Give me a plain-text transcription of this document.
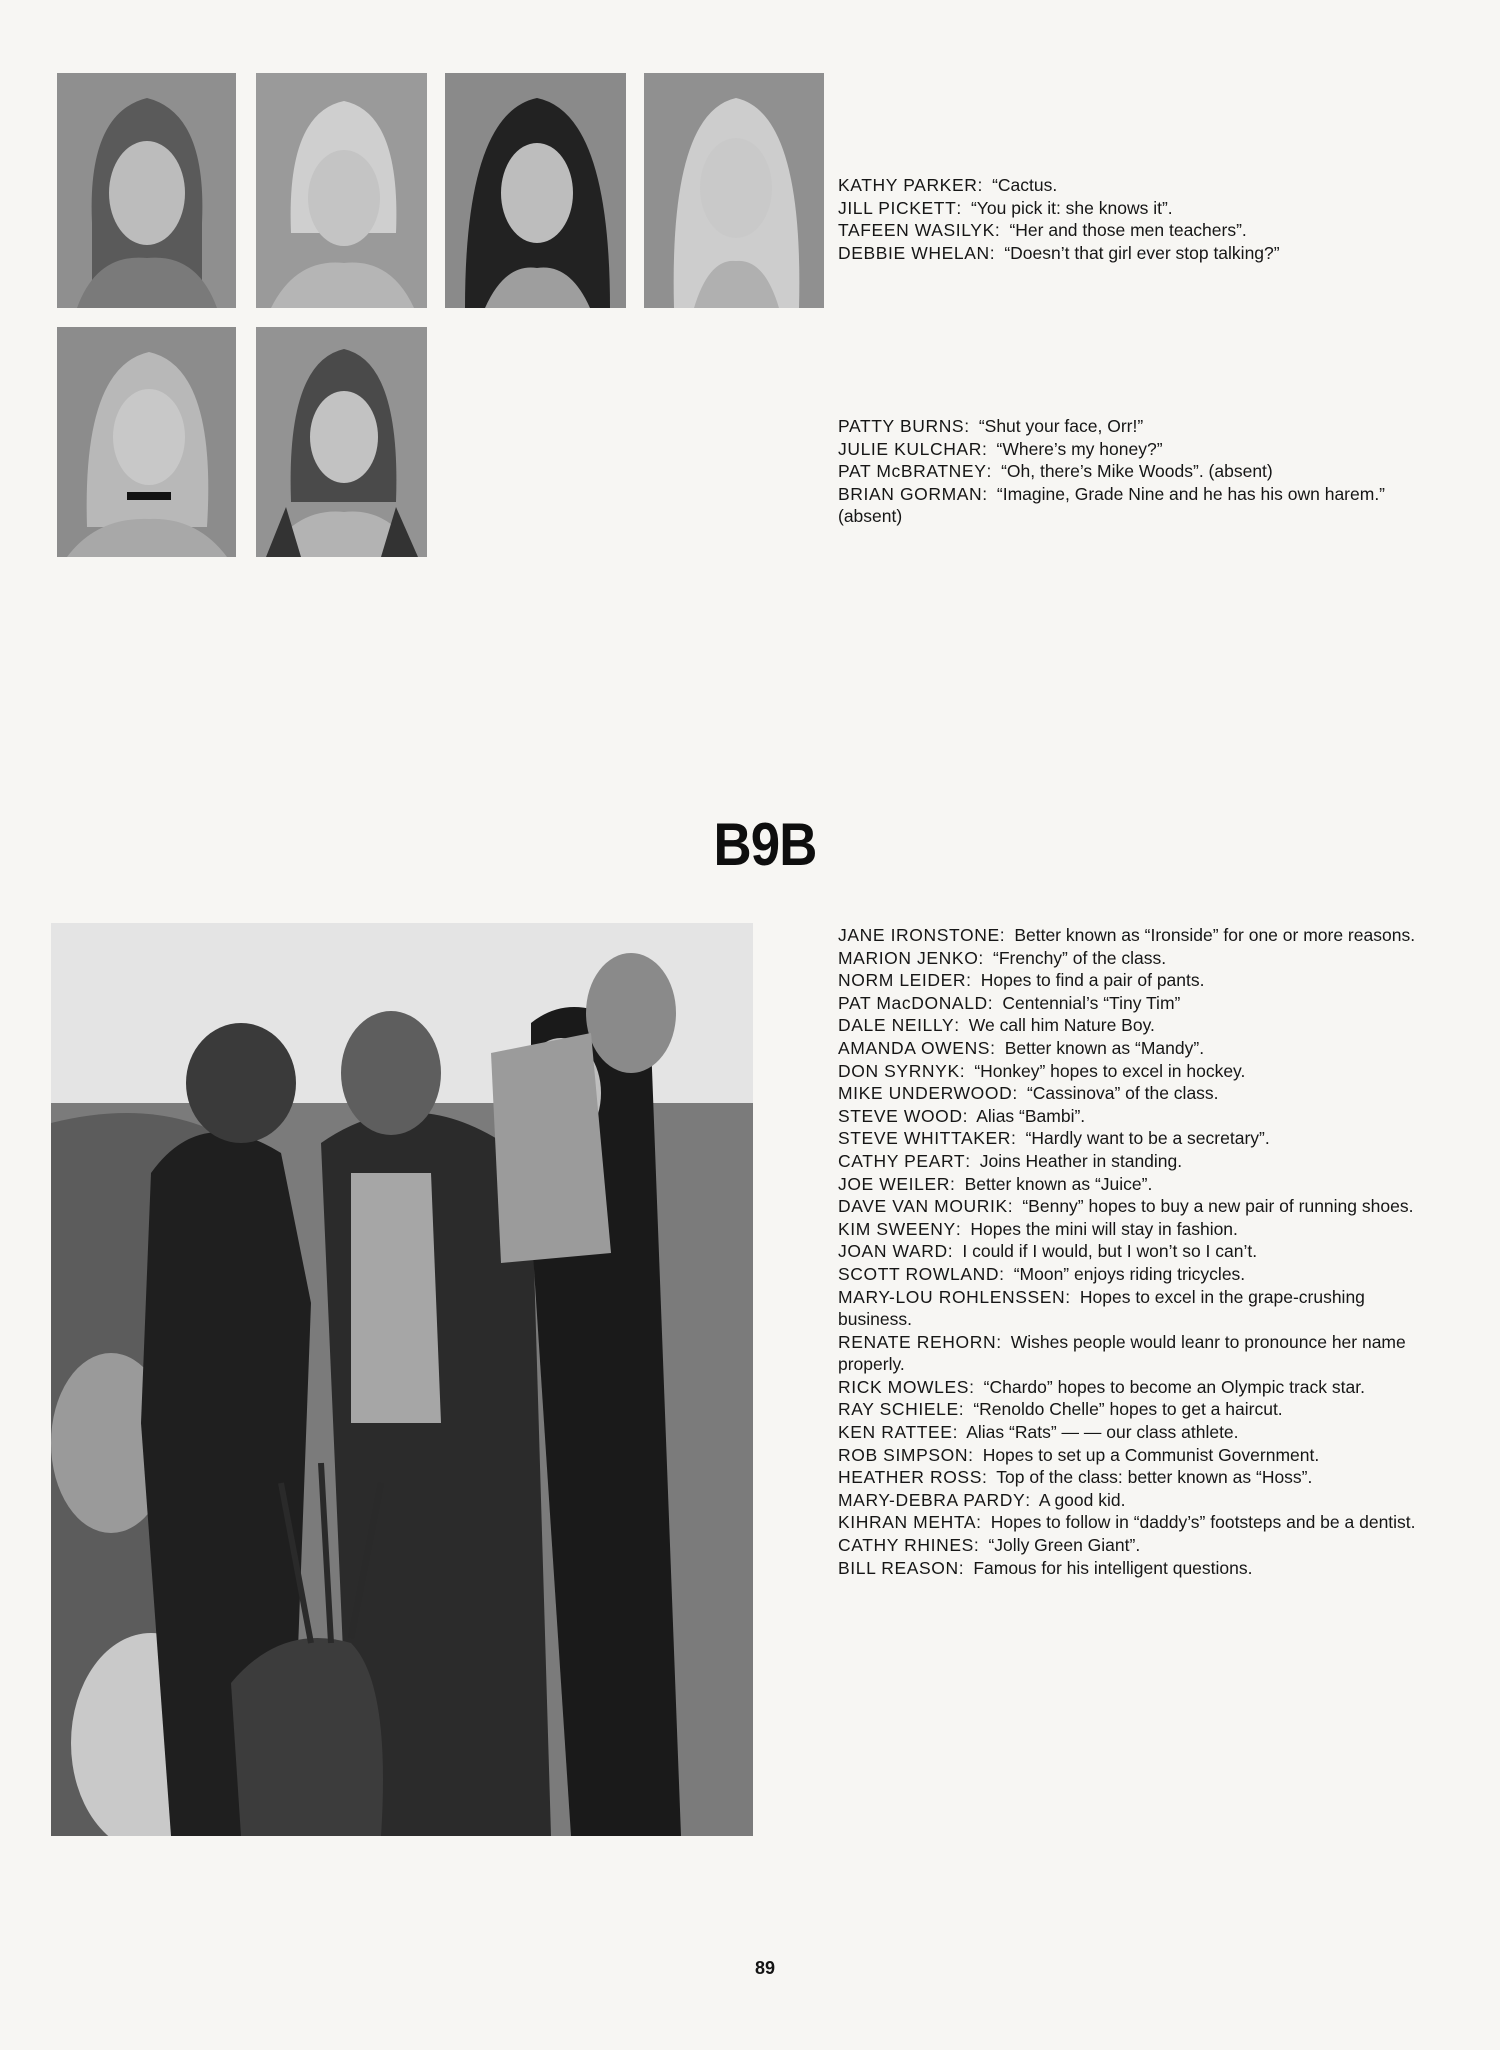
KATHY PARKER:  “Cactus.
JILL PICKETT:  “You pick it: she knows it”.
TAFEEN WASILYK:  “Her and those men teachers”.
DEBBIE WHELAN:  “Doesn’t that girl ever stop talking?”
PATTY BURNS:  “Shut your face, Orr!”
JULIE KULCHAR:  “Where’s my honey?”
PAT McBRATNEY:  “Oh, there’s Mike Woods”. (absent)
BRIAN GORMAN:  “Imagine, Grade Nine and he has his own harem.” (absent)
B9B
JANE IRONSTONE:  Better known as “Ironside” for one or more reasons.
MARION JENKO:  “Frenchy” of the class.
NORM LEIDER:  Hopes to find a pair of pants.
PAT MacDONALD:  Centennial’s “Tiny Tim”
DALE NEILLY:  We call him Nature Boy.
AMANDA OWENS:  Better known as “Mandy”.
DON SYRNYK:  “Honkey” hopes to excel in hockey.
MIKE UNDERWOOD:  “Cassinova” of the class.
STEVE WOOD:  Alias “Bambi”.
STEVE WHITTAKER:  “Hardly want to be a secretary”.
CATHY PEART:  Joins Heather in standing.
JOE WEILER:  Better known as “Juice”.
DAVE VAN MOURIK:  “Benny” hopes to buy a new pair of running shoes.
KIM SWEENY:  Hopes the mini will stay in fashion.
JOAN WARD:  I could if I would, but I won’t so I can’t.
SCOTT ROWLAND:  “Moon” enjoys riding tricycles.
MARY-LOU ROHLENSSEN:  Hopes to excel in the grape-crushing business.
RENATE REHORN:  Wishes people would leanr to pronounce her name properly.
RICK MOWLES:  “Chardo” hopes to become an Olympic track star.
RAY SCHIELE:  “Renoldo Chelle” hopes to get a haircut.
KEN RATTEE:  Alias “Rats” — — our class athlete.
ROB SIMPSON:  Hopes to set up a Communist Government.
HEATHER ROSS:  Top of the class: better known as “Hoss”.
MARY-DEBRA PARDY:  A good kid.
KIHRAN MEHTA:  Hopes to follow in “daddy’s” footsteps and be a dentist.
CATHY RHINES:  “Jolly Green Giant”.
BILL REASON:  Famous for his intelligent questions.
89
